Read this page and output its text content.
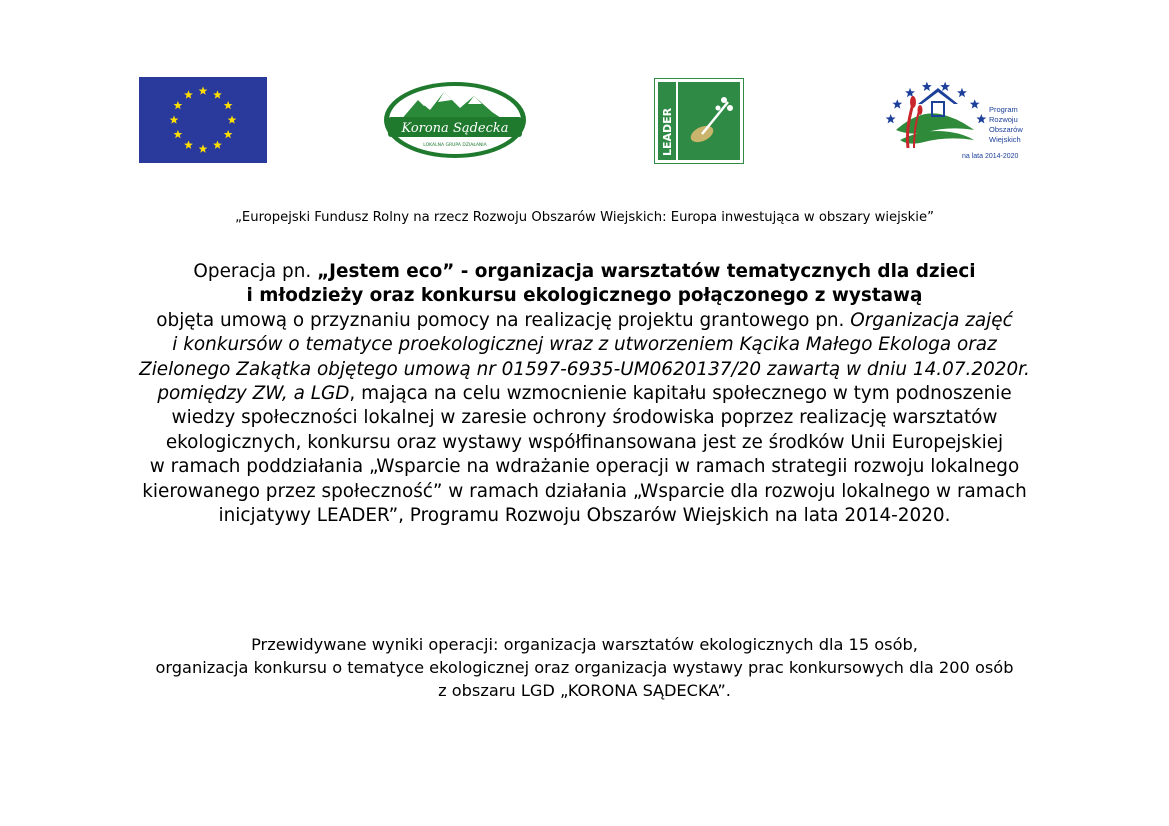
Korona Sądecka
LOKALNA GRUPA DZIAŁANIA	LEADER	Program
Rozwoju
Obszarów
Wiejskich
na lata 2014-2020
„Europejski Fundusz Rolny na rzecz Rozwoju Obszarów Wiejskich: Europa inwestująca w obszary wiejskie”
Operacja pn. „Jestem eco” - organizacja warsztatów tematycznych dla dzieci
i młodzieży oraz konkursu ekologicznego połączonego z wystawą
objęta umową o przyznaniu pomocy na realizację projektu grantowego pn. Organizacja zajęć
i konkursów o tematyce proekologicznej wraz z utworzeniem Kącika Małego Ekologa oraz
Zielonego Zakątka objętego umową nr 01597-6935-UM0620137/20 zawartą w dniu 14.07.2020r.
pomiędzy ZW, a LGD, mająca na celu wzmocnienie kapitału społecznego w tym podnoszenie
wiedzy społeczności lokalnej w zaresie ochrony środowiska poprzez realizację warsztatów
ekologicznych, konkursu oraz wystawy współfinansowana jest ze środków Unii Europejskiej
w ramach poddziałania „Wsparcie na wdrażanie operacji w ramach strategii rozwoju lokalnego
kierowanego przez społeczność” w ramach działania „Wsparcie dla rozwoju lokalnego w ramach
inicjatywy LEADER”, Programu Rozwoju Obszarów Wiejskich na lata 2014-2020.
Przewidywane wyniki operacji: organizacja warsztatów ekologicznych dla 15 osób,
organizacja konkursu o tematyce ekologicznej oraz organizacja wystawy prac konkursowych dla 200 osób
z obszaru LGD „KORONA SĄDECKA”.
